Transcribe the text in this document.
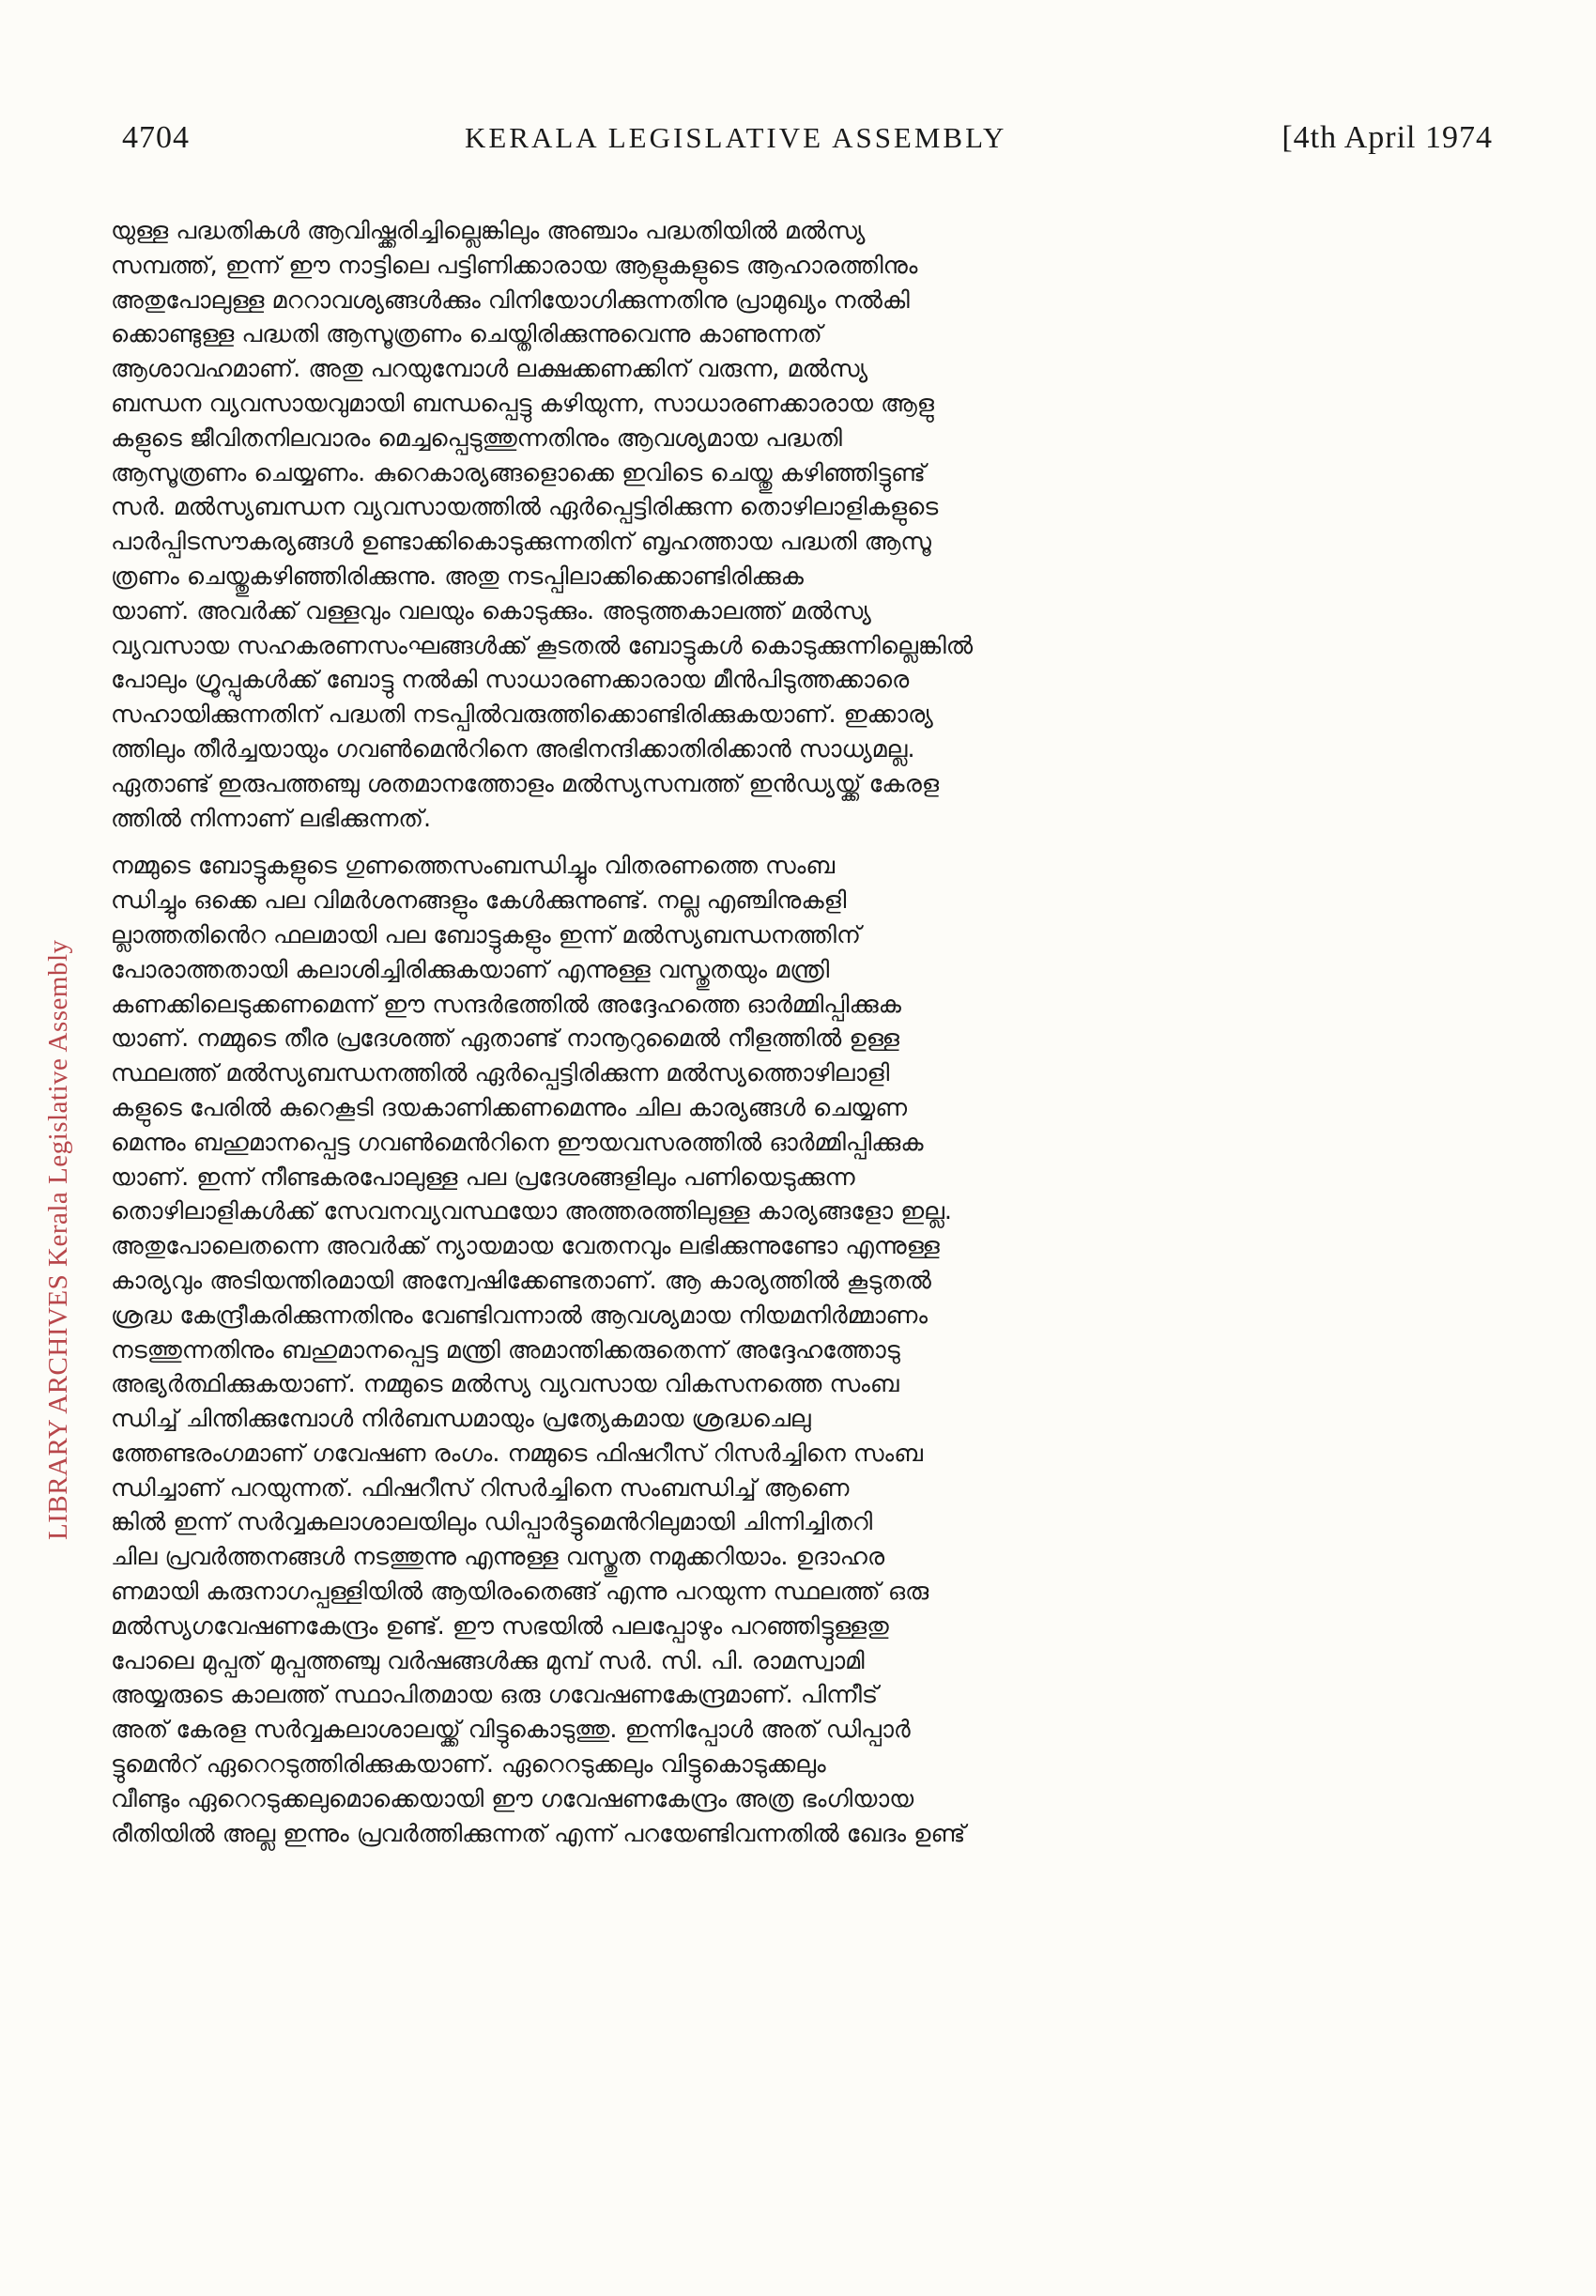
4704	KERALA LEGISLATIVE ASSEMBLY	[4th April 1974

യുള്ള പദ്ധതികൾ ആവിഷ്ക്കരിച്ചില്ലെങ്കിലും അഞ്ചാം പദ്ധതിയിൽ മൽസ്യ
സമ്പത്ത്, ഇന്ന് ഈ നാട്ടിലെ പട്ടിണിക്കാരായ ആളുകളുടെ ആഹാരത്തിനും
അതുപോലുള്ള മററാവശ്യങ്ങൾക്കും വിനിയോഗിക്കുന്നതിനു പ്രാമുഖ്യം നൽകി
ക്കൊണ്ടുള്ള പദ്ധതി ആസൂത്രണം ചെയ്തിരിക്കുന്നുവെന്നു കാണുന്നത്
ആശാവഹമാണ്. അതു പറയുമ്പോൾ ലക്ഷക്കണക്കിന് വരുന്ന, മൽസ്യ
ബന്ധന വ്യവസായവുമായി ബന്ധപ്പെട്ടു കഴിയുന്ന, സാധാരണക്കാരായ ആളു
കളുടെ ജീവിതനിലവാരം മെച്ചപ്പെടുത്തുന്നതിനും ആവശ്യമായ പദ്ധതി
ആസൂത്രണം ചെയ്യണം. കുറെകാര്യങ്ങളൊക്കെ ഇവിടെ ചെയ്തു കഴിഞ്ഞിട്ടുണ്ട്
സർ. മൽസ്യബന്ധന വ്യവസായത്തിൽ ഏർപ്പെട്ടിരിക്കുന്ന തൊഴിലാളികളുടെ
പാർപ്പിടസൗകര്യങ്ങൾ ഉണ്ടാക്കികൊടുക്കുന്നതിന് ബൃഹത്തായ പദ്ധതി ആസൂ
ത്രണം ചെയ്തുകഴിഞ്ഞിരിക്കുന്നു. അതു നടപ്പിലാക്കിക്കൊണ്ടിരിക്കുക
യാണ്. അവർക്ക് വള്ളവും വലയും കൊടുക്കും. അടുത്തകാലത്ത് മൽസ്യ
വ്യവസായ സഹകരണസംഘങ്ങൾക്ക് കൂടതൽ ബോട്ടുകൾ കൊടുക്കുന്നില്ലെങ്കിൽ
പോലും ഗ്രൂപ്പുകൾക്ക് ബോട്ടു നൽകി സാധാരണക്കാരായ മീൻപിടുത്തക്കാരെ
സഹായിക്കുന്നതിന് പദ്ധതി നടപ്പിൽവരുത്തിക്കൊണ്ടിരിക്കുകയാണ്. ഇക്കാര്യ
ത്തിലും തീർച്ചയായും ഗവൺമെൻറിനെ അഭിനന്ദിക്കാതിരിക്കാൻ സാധ്യമല്ല.
ഏതാണ്ട് ഇരുപത്തഞ്ചു ശതമാനത്തോളം മൽസ്യസമ്പത്ത് ഇൻഡ്യയ്ക്ക് കേരള
ത്തിൽ നിന്നാണ് ലഭിക്കുന്നത്.

നമ്മുടെ ബോട്ടുകളുടെ ഗുണത്തെസംബന്ധിച്ചും വിതരണത്തെ സംബ
ന്ധിച്ചും ഒക്കെ പല വിമർശനങ്ങളും കേൾക്കുന്നുണ്ട്. നല്ല എഞ്ചിനുകളി
ല്ലാത്തതിൻെറ ഫലമായി പല ബോട്ടുകളും ഇന്ന് മൽസ്യബന്ധനത്തിന്
പോരാത്തതായി കലാശിച്ചിരിക്കുകയാണ് എന്നുള്ള വസ്തുതയും മന്ത്രി
കണക്കിലെടുക്കണമെന്ന് ഈ സന്ദർഭത്തിൽ അദ്ദേഹത്തെ ഓർമ്മിപ്പിക്കുക
യാണ്. നമ്മുടെ തീര പ്രദേശത്ത് ഏതാണ്ട് നാനൂറുമൈൽ നീളത്തിൽ ഉള്ള
സ്ഥലത്ത് മൽസ്യബന്ധനത്തിൽ ഏർപ്പെട്ടിരിക്കുന്ന മൽസ്യത്തൊഴിലാളി
കളുടെ പേരിൽ കുറെകൂടി ദയകാണിക്കണമെന്നും ചില കാര്യങ്ങൾ ചെയ്യണ
മെന്നും ബഹുമാനപ്പെട്ട ഗവൺമെൻറിനെ ഈയവസരത്തിൽ ഓർമ്മിപ്പിക്കുക
യാണ്. ഇന്ന് നീണ്ടകരപോലുള്ള പല പ്രദേശങ്ങളിലും പണിയെടുക്കുന്ന
തൊഴിലാളികൾക്ക് സേവനവ്യവസ്ഥയോ അത്തരത്തിലുള്ള കാര്യങ്ങളോ ഇല്ല.
അതുപോലെതന്നെ അവർക്ക് ന്യായമായ വേതനവും ലഭിക്കുന്നുണ്ടോ എന്നുള്ള
കാര്യവും അടിയന്തിരമായി അന്വേഷിക്കേണ്ടതാണ്. ആ കാര്യത്തിൽ കൂടുതൽ
ശ്രദ്ധ കേന്ദ്രീകരിക്കുന്നതിനും വേണ്ടിവന്നാൽ ആവശ്യമായ നിയമനിർമ്മാണം
നടത്തുന്നതിനും ബഹുമാനപ്പെട്ട മന്ത്രി അമാന്തിക്കരുതെന്ന് അദ്ദേഹത്തോടു
അഭ്യർത്ഥിക്കുകയാണ്. നമ്മുടെ മൽസ്യ വ്യവസായ വികസനത്തെ സംബ
ന്ധിച്ച് ചിന്തിക്കുമ്പോൾ നിർബന്ധമായും പ്രത്യേകമായ ശ്രദ്ധചെലു
ത്തേണ്ടരംഗമാണ് ഗവേഷണ രംഗം. നമ്മുടെ ഫിഷറീസ് റിസർച്ചിനെ സംബ
ന്ധിച്ചാണ് പറയുന്നത്. ഫിഷറീസ് റിസർച്ചിനെ സംബന്ധിച്ച് ആണെ
ങ്കിൽ ഇന്ന് സർവ്വകലാശാലയിലും ഡിപ്പാർട്ടുമെൻറിലുമായി ചിന്നിച്ചിതറി
ചില പ്രവർത്തനങ്ങൾ നടത്തുന്നു എന്നുള്ള വസ്തുത നമുക്കറിയാം. ഉദാഹര
ണമായി കരുനാഗപ്പള്ളിയിൽ ആയിരംതെങ്ങ് എന്നു പറയുന്ന സ്ഥലത്ത് ഒരു
മൽസ്യഗവേഷണകേന്ദ്രം ഉണ്ട്. ഈ സഭയിൽ പലപ്പോഴും പറഞ്ഞിട്ടുള്ളതു
പോലെ മുപ്പത് മുപ്പത്തഞ്ചു വർഷങ്ങൾക്കു മുമ്പ് സർ. സി. പി. രാമസ്വാമി
അയ്യരുടെ കാലത്ത് സ്ഥാപിതമായ ഒരു ഗവേഷണകേന്ദ്രമാണ്. പിന്നീട്
അത് കേരള സർവ്വകലാശാലയ്ക്ക് വിട്ടുകൊടുത്തു. ഇന്നിപ്പോൾ അത് ഡിപ്പാർ
ട്ടുമെൻറ് ഏറെറടുത്തിരിക്കുകയാണ്. ഏറെറടുക്കലും വിട്ടുകൊടുക്കലും
വീണ്ടും ഏറെറടുക്കലുമൊക്കെയായി ഈ ഗവേഷണകേന്ദ്രം അത്ര ഭംഗിയായ
രീതിയിൽ അല്ല ഇന്നും പ്രവർത്തിക്കുന്നത് എന്ന് പറയേണ്ടിവന്നതിൽ ഖേദം ഉണ്ട്

LIBRARY ARCHIVES Kerala Legislative Assembly
